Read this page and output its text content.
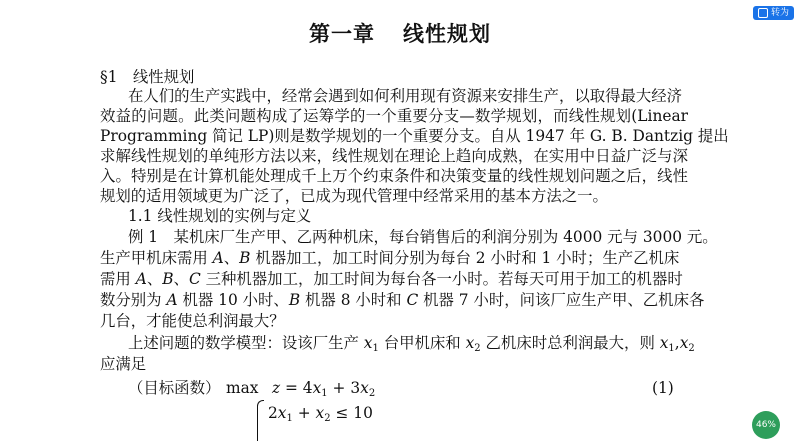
第一章 线性规划
§1　线性规划
在人们的生产实践中，经常会遇到如何利用现有资源来安排生产，以取得最大经济
效益的问题。此类问题构成了运筹学的一个重要分支—数学规划，而线性规划(Linear
Programming 简记 LP)则是数学规划的一个重要分支。自从 1947 年 G. B. Dantzig 提出
求解线性规划的单纯形方法以来，线性规划在理论上趋向成熟，在实用中日益广泛与深
入。特别是在计算机能处理成千上万个约束条件和决策变量的线性规划问题之后，线性
规划的适用领域更为广泛了，已成为现代管理中经常采用的基本方法之一。
1.1 线性规划的实例与定义
例 1　某机床厂生产甲、乙两种机床，每台销售后的利润分别为 4000 元与 3000 元。
生产甲机床需用 A、B 机器加工，加工时间分别为每台 2 小时和 1 小时；生产乙机床
需用 A、B、C 三种机器加工，加工时间为每台各一小时。若每天可用于加工的机器时
数分别为 A 机器 10 小时、B 机器 8 小时和 C 机器 7 小时，问该厂应生产甲、乙机床各
几台，才能使总利润最大？
上述问题的数学模型：设该厂生产 $x_1$ 台甲机床和 $x_2$ 乙机床时总利润最大，则 $x_1,x_2$
应满足
（目标函数） $\max z = 4x_1 + 3x_2$	(1)
$2x_1 + x_2 \le 10$
转为
46%
